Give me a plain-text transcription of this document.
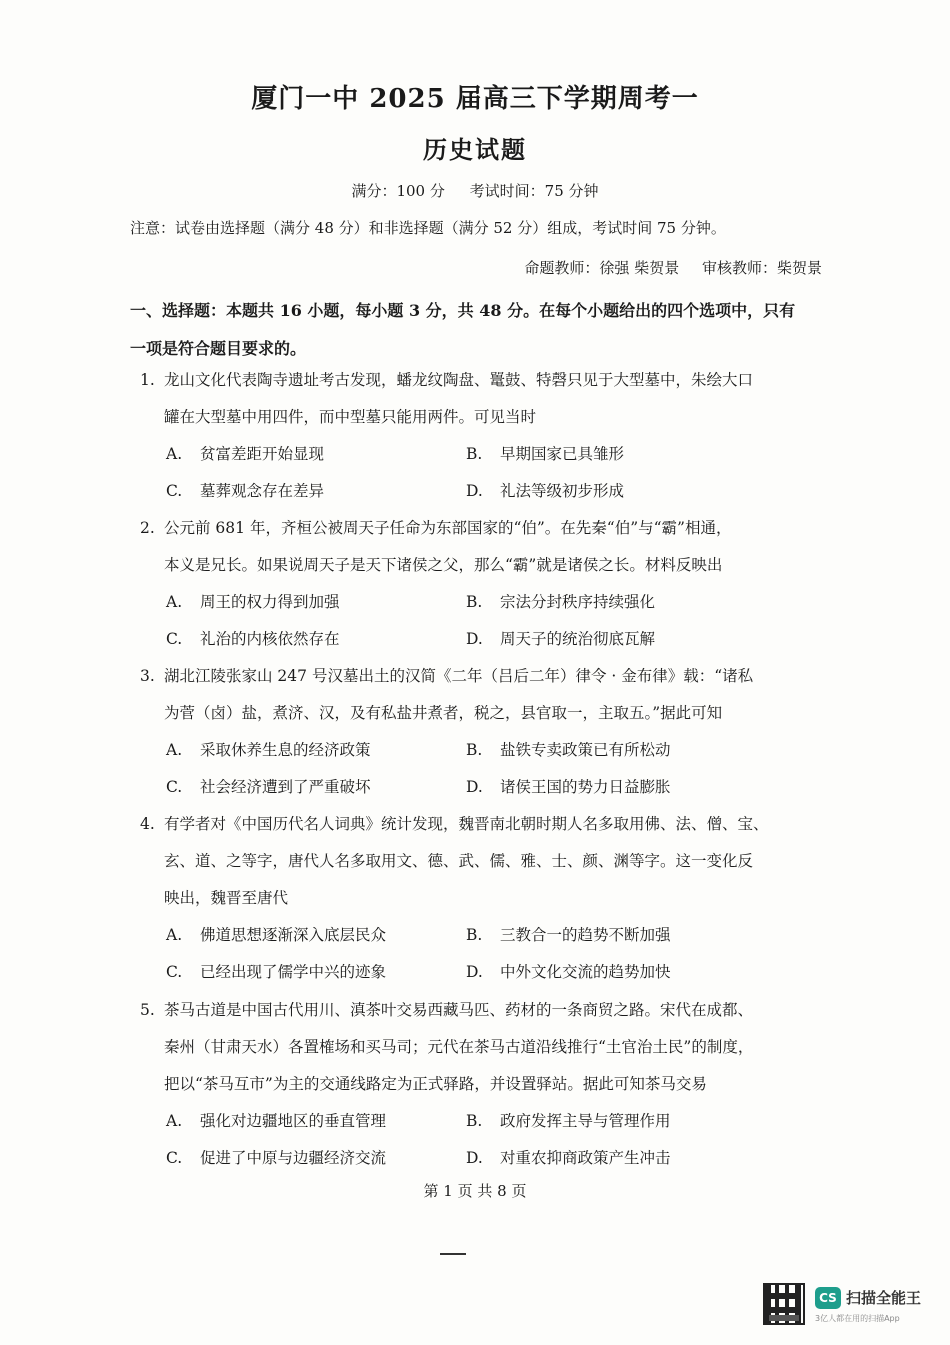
厦门一中 2025 届高三下学期周考一
历史试题
满分：100 分 考试时间：75 分钟
注意：试卷由选择题（满分 48 分）和非选择题（满分 52 分）组成，考试时间 75 分钟。
命题教师：徐强 柴贺景 审核教师：柴贺景
一、选择题：本题共 16 小题，每小题 3 分，共 48 分。在每个小题给出的四个选项中，只有
一项是符合题目要求的。
1. 龙山文化代表陶寺遗址考古发现，蟠龙纹陶盘、鼍鼓、特磬只见于大型墓中，朱绘大口
罐在大型墓中用四件，而中型墓只能用两件。可见当时
A. 贫富差距开始显现	B. 早期国家已具雏形
C. 墓葬观念存在差异	D. 礼法等级初步形成
2. 公元前 681 年，齐桓公被周天子任命为东部国家的“伯”。在先秦“伯”与“霸”相通，
本义是兄长。如果说周天子是天下诸侯之父，那么“霸”就是诸侯之长。材料反映出
A. 周王的权力得到加强	B. 宗法分封秩序持续强化
C. 礼治的内核依然存在	D. 周天子的统治彻底瓦解
3. 湖北江陵张家山 247 号汉墓出土的汉简《二年（吕后二年）律令 · 金布律》载：“诸私
为菅（卤）盐，煮济、汉，及有私盐井煮者，税之，县官取一，主取五。”据此可知
A. 采取休养生息的经济政策	B. 盐铁专卖政策已有所松动
C. 社会经济遭到了严重破坏	D. 诸侯王国的势力日益膨胀
4. 有学者对《中国历代名人词典》统计发现，魏晋南北朝时期人名多取用佛、法、僧、宝、
玄、道、之等字，唐代人名多取用文、德、武、儒、雅、士、颜、渊等字。这一变化反
映出，魏晋至唐代
A. 佛道思想逐渐深入底层民众	B. 三教合一的趋势不断加强
C. 已经出现了儒学中兴的迹象	D. 中外文化交流的趋势加快
5. 茶马古道是中国古代用川、滇茶叶交易西藏马匹、药材的一条商贸之路。宋代在成都、
秦州（甘肃天水）各置榷场和买马司；元代在茶马古道沿线推行“土官治土民”的制度，
把以“茶马互市”为主的交通线路定为正式驿路，并设置驿站。据此可知茶马交易
A. 强化对边疆地区的垂直管理	B. 政府发挥主导与管理作用
C. 促进了中原与边疆经济交流	D. 对重农抑商政策产生冲击
第 1 页 共 8 页
CS 扫描全能王
3亿人都在用的扫描App
